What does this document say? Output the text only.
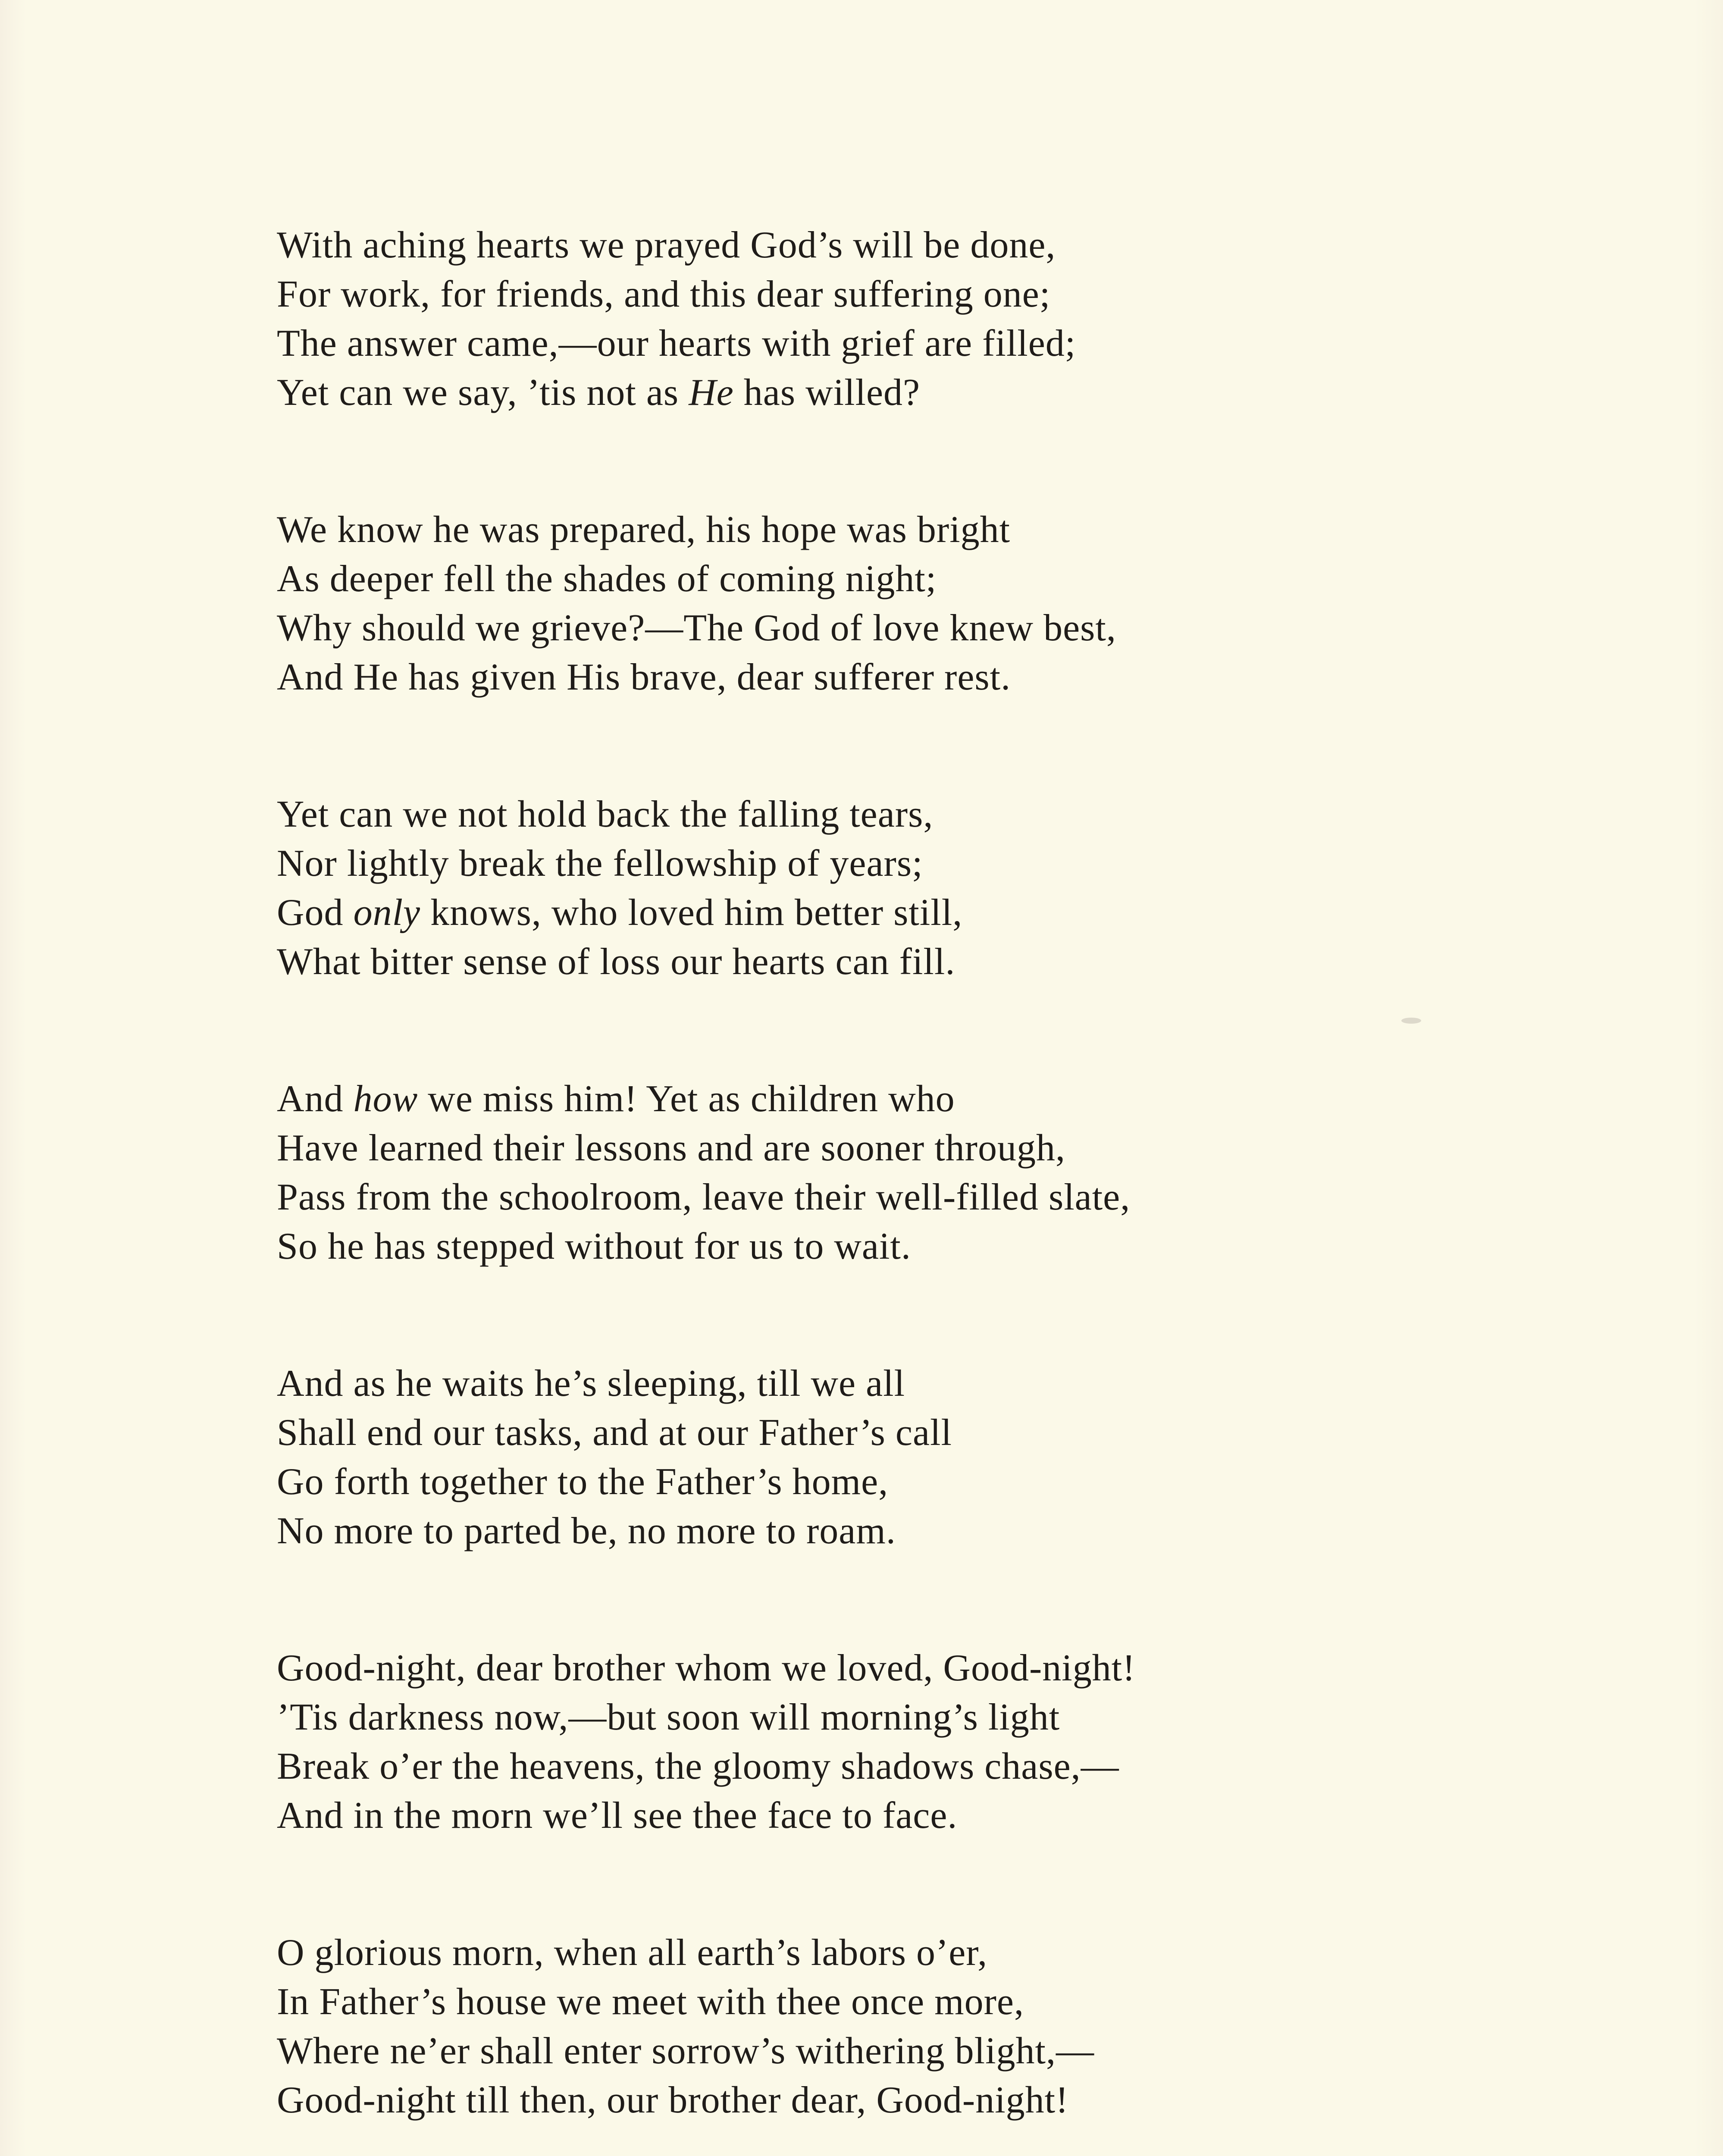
With aching hearts we prayed God’s will be done,
For work, for friends, and this dear suffering one;
The answer came,—our hearts with grief are filled;
Yet can we say, ’tis not as He has willed?
We know he was prepared, his hope was bright
As deeper fell the shades of coming night;
Why should we grieve?—The God of love knew best,
And He has given His brave, dear sufferer rest.
Yet can we not hold back the falling tears,
Nor lightly break the fellowship of years;
God only knows, who loved him better still,
What bitter sense of loss our hearts can fill.
And how we miss him! Yet as children who
Have learned their lessons and are sooner through,
Pass from the schoolroom, leave their well-filled slate,
So he has stepped without for us to wait.
And as he waits he’s sleeping, till we all
Shall end our tasks, and at our Father’s call
Go forth together to the Father’s home,
No more to parted be, no more to roam.
Good-night, dear brother whom we loved, Good-night!
’Tis darkness now,—but soon will morning’s light
Break o’er the heavens, the gloomy shadows chase,—
And in the morn we’ll see thee face to face.
O glorious morn, when all earth’s labors o’er,
In Father’s house we meet with thee once more,
Where ne’er shall enter sorrow’s withering blight,—
Good-night till then, our brother dear, Good-night!
